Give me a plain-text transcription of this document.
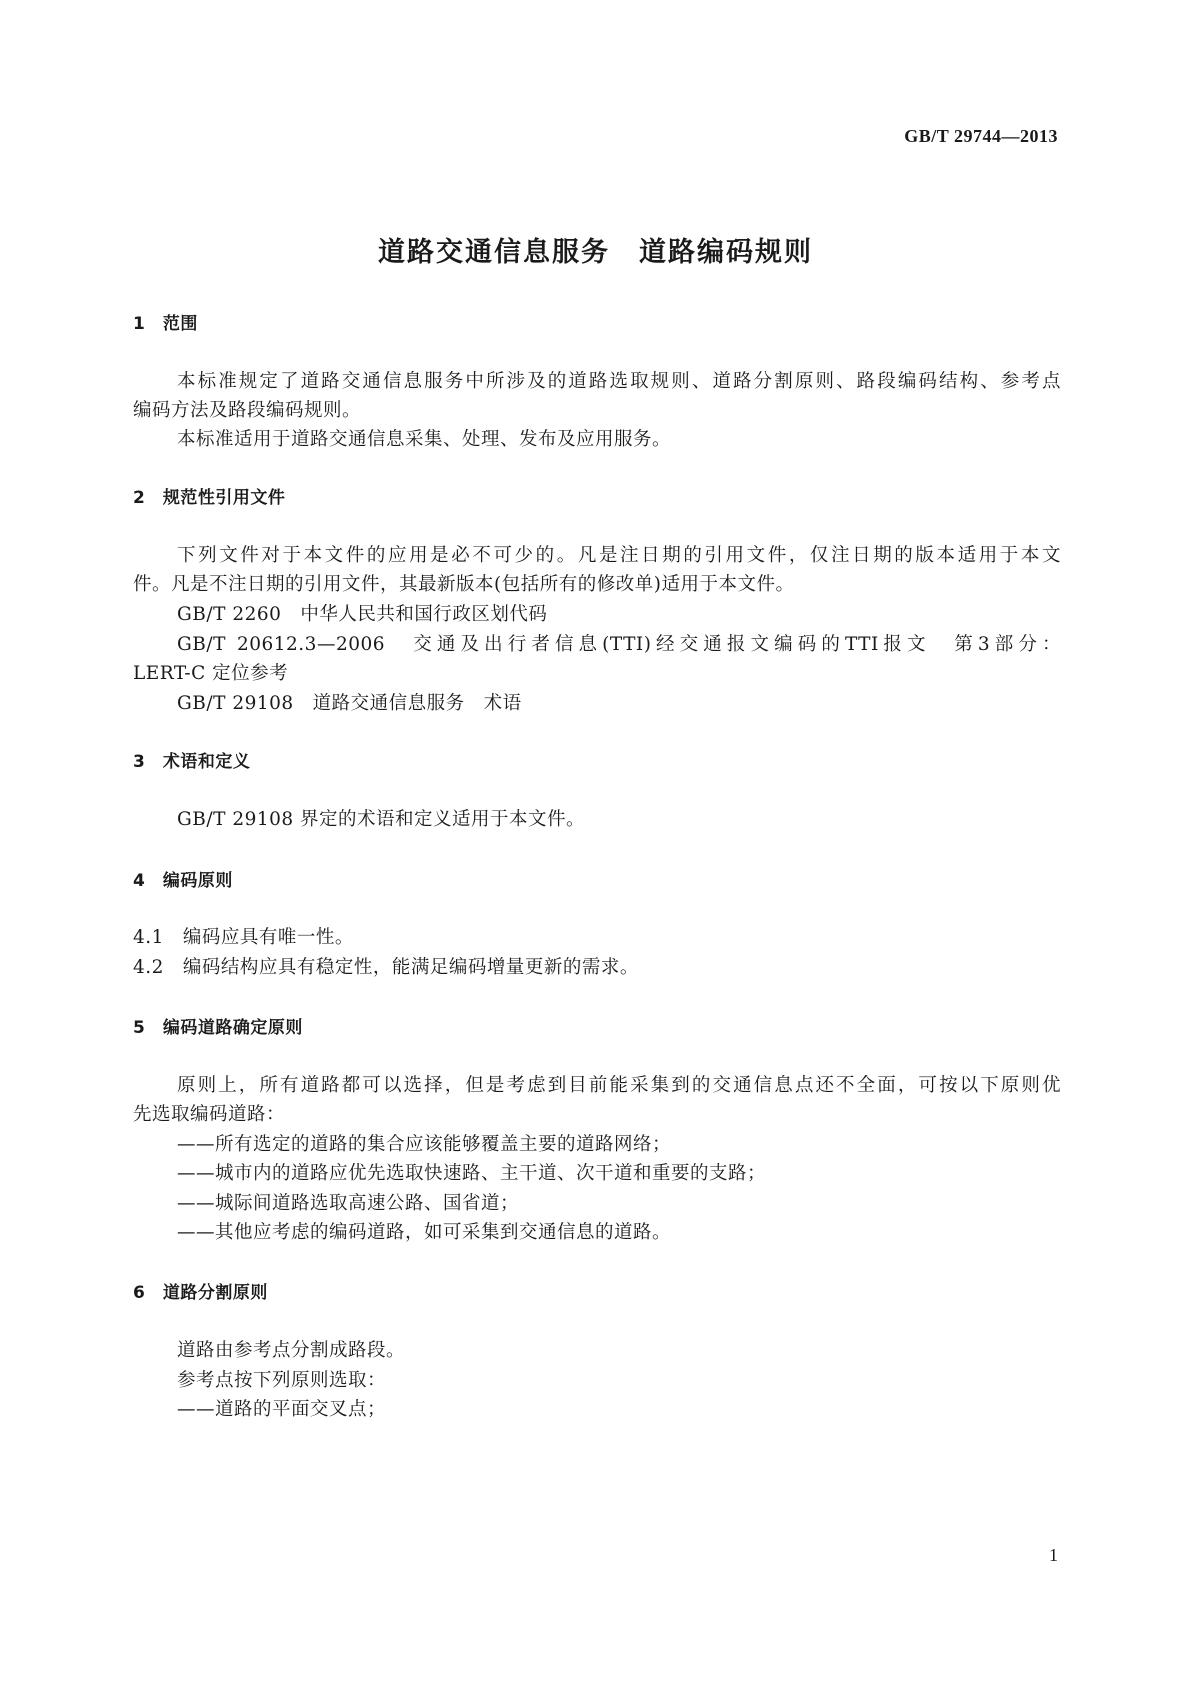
GB/T 29744—2013
道路交通信息服务　道路编码规则
1　范围
本标准规定了道路交通信息服务中所涉及的道路选取规则、道路分割原则、路段编码结构、参考点
编码方法及路段编码规则。
本标准适用于道路交通信息采集、处理、发布及应用服务。
2　规范性引用文件
下列文件对于本文件的应用是必不可少的。凡是注日期的引用文件，仅注日期的版本适用于本文
件。凡是不注日期的引用文件，其最新版本(包括所有的修改单)适用于本文件。
GB/T 2260　中华人民共和国行政区划代码
GB/T 20612.3—2006　交通及出行者信息(TTI)经交通报文编码的TTI报文　第3部分：
LERT-C 定位参考
GB/T 29108　道路交通信息服务　术语
3　术语和定义
GB/T 29108 界定的术语和定义适用于本文件。
4　编码原则
4.1　编码应具有唯一性。
4.2　编码结构应具有稳定性，能满足编码增量更新的需求。
5　编码道路确定原则
原则上，所有道路都可以选择，但是考虑到目前能采集到的交通信息点还不全面，可按以下原则优
先选取编码道路：
——所有选定的道路的集合应该能够覆盖主要的道路网络；
——城市内的道路应优先选取快速路、主干道、次干道和重要的支路；
——城际间道路选取高速公路、国省道；
——其他应考虑的编码道路，如可采集到交通信息的道路。
6　道路分割原则
道路由参考点分割成路段。
参考点按下列原则选取：
——道路的平面交叉点；
1
